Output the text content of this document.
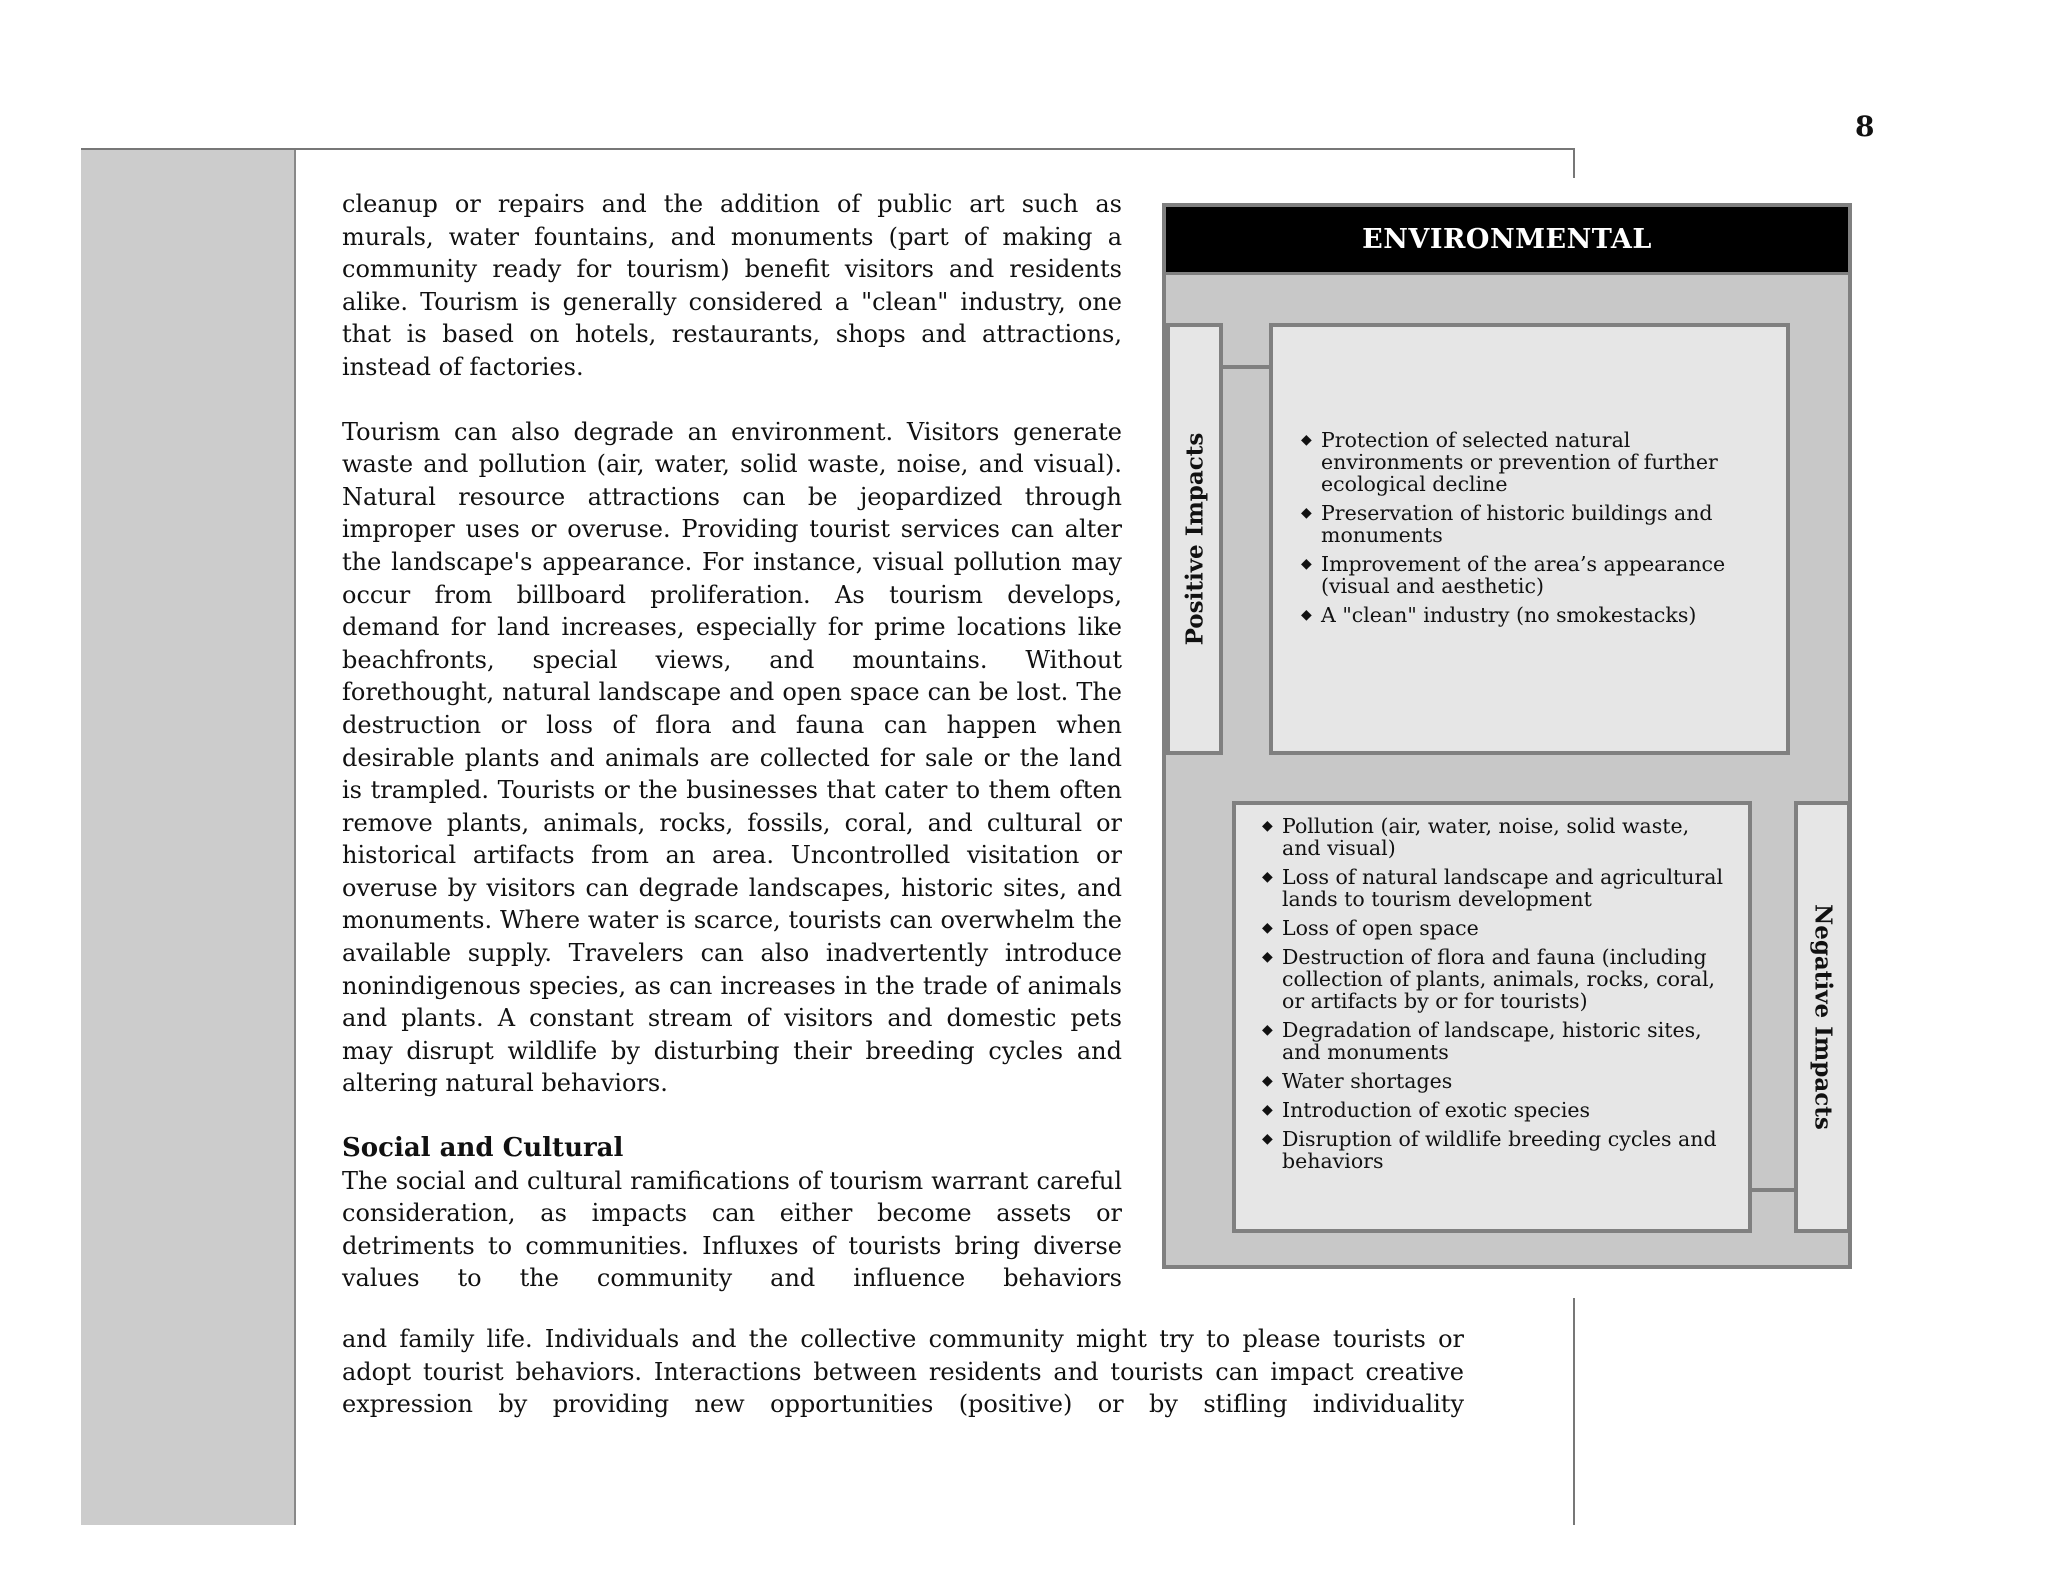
8

cleanup or repairs and the addition of public art such as murals, water fountains, and monuments (part of making a community ready for tourism) benefit visitors and residents alike. Tourism is generally considered a "clean" industry, one that is based on hotels, restaurants, shops and attractions, instead of factories.

Tourism can also degrade an environment. Visitors generate waste and pollution (air, water, solid waste, noise, and visual). Natural resource attractions can be jeopardized through improper uses or overuse. Providing tourist services can alter the landscape's appearance. For instance, visual pollution may occur from billboard proliferation. As tourism develops, demand for land increases, especially for prime locations like beachfronts, special views, and mountains. Without forethought, natural landscape and open space can be lost. The destruction or loss of flora and fauna can happen when desirable plants and animals are collected for sale or the land is trampled. Tourists or the businesses that cater to them often remove plants, animals, rocks, fossils, coral, and cultural or historical artifacts from an area. Uncontrolled visitation or overuse by visitors can degrade landscapes, historic sites, and monuments. Where water is scarce, tourists can overwhelm the available supply. Travelers can also inadvertently introduce nonindigenous species, as can increases in the trade of animals and plants. A constant stream of visitors and domestic pets may disrupt wildlife by disturbing their breeding cycles and altering natural behaviors.

Social and Cultural

The social and cultural ramifications of tourism warrant careful consideration, as impacts can either become assets or detriments to communities. Influxes of tourists bring diverse values to the community and influence behaviors

and family life. Individuals and the collective community might try to please tourists or adopt tourist behaviors. Interactions between residents and tourists can impact creative expression by providing new opportunities (positive) or by stifling individuality

ENVIRONMENTAL
Positive Impacts	◆ Protection of selected natural environments or prevention of further ecological decline
◆ Preservation of historic buildings and monuments
◆ Improvement of the area’s appearance (visual and aesthetic)
◆ A "clean" industry (no smokestacks)
◆ Pollution (air, water, noise, solid waste, and visual)
◆ Loss of natural landscape and agricultural lands to tourism development
◆ Loss of open space
◆ Destruction of flora and fauna (including collection of plants, animals, rocks, coral, or artifacts by or for tourists)
◆ Degradation of landscape, historic sites, and monuments
◆ Water shortages
◆ Introduction of exotic species
◆ Disruption of wildlife breeding cycles and behaviors
Negative Impacts
